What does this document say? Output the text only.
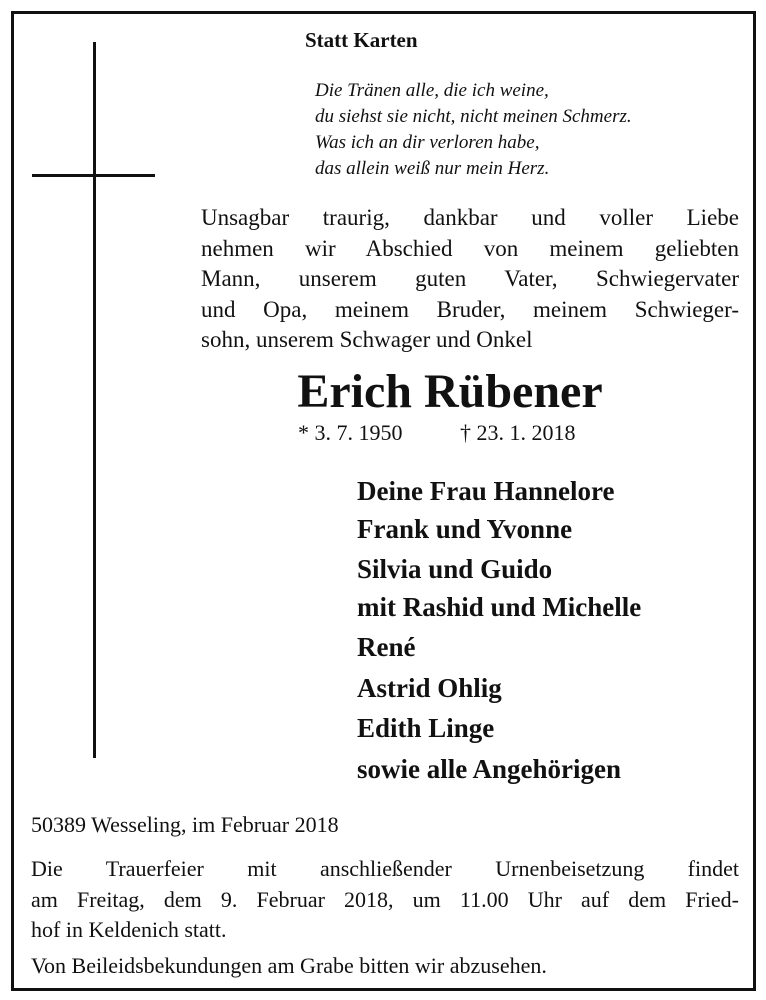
Statt Karten
Die Tränen alle, die ich weine,
du siehst sie nicht, nicht meinen Schmerz.
Was ich an dir verloren habe,
das allein weiß nur mein Herz.
Unsagbar traurig, dankbar und voller Liebe
nehmen wir Abschied von meinem geliebten
Mann, unserem guten Vater, Schwiegervater
und Opa, meinem Bruder, meinem Schwieger-
sohn, unserem Schwager und Onkel
Erich Rübener
* 3. 7. 1950	† 23. 1. 2018
Deine Frau Hannelore
Frank und Yvonne
Silvia und Guido
mit Rashid und Michelle
René
Astrid Ohlig
Edith Linge
sowie alle Angehörigen
50389 Wesseling, im Februar 2018
Die Trauerfeier mit anschließender Urnenbeisetzung findet
am Freitag, dem 9. Februar 2018, um 11.00 Uhr auf dem Fried-
hof in Keldenich statt.
Von Beileidsbekundungen am Grabe bitten wir abzusehen.
